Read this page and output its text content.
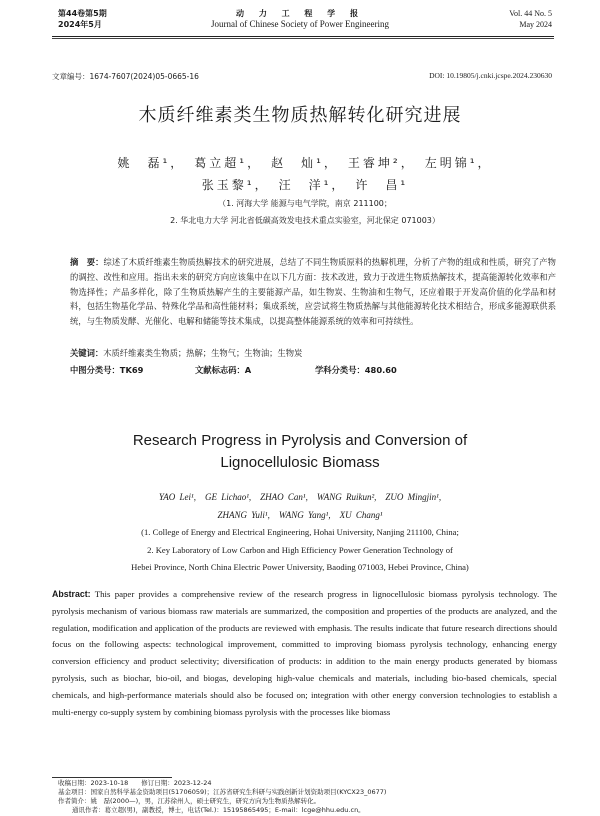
第44卷第5期
2024年5月
动 力 工 程 学 报
Journal of Chinese Society of Power Engineering
Vol. 44 No. 5
May 2024
文章编号：1674-7607(2024)05-0665-16	DOI: 10.19805/j.cnki.jcspe.2024.230630
木质纤维素类生物质热解转化研究进展
姚　磊¹，　葛立超¹，　赵　灿¹，　王睿坤²，　左明锦¹，
张玉黎¹，　汪　洋¹，　许　昌¹
（1. 河海大学 能源与电气学院，南京 211100；
2. 华北电力大学 河北省低碳高效发电技术重点实验室，河北保定 071003）
摘　要：综述了木质纤维素生物质热解技术的研究进展，总结了不同生物质原料的热解机理，分析了产物的组成和性质，研究了产物的调控、改性和应用。指出未来的研究方向应该集中在以下几方面：技术改进，致力于改进生物质热解技术，提高能源转化效率和产物选择性；产品多样化，除了生物质热解产生的主要能源产品，如生物炭、生物油和生物气，还应着眼于开发高价值的化学品和材料，包括生物基化学品、特殊化学品和高性能材料；集成系统，应尝试将生物质热解与其他能源转化技术相结合，形成多能源联供系统，与生物质发酵、光催化、电解和储能等技术集成，以提高整体能源系统的效率和可持续性。
关键词：木质纤维素类生物质；热解；生物气；生物油；生物炭
中图分类号：TK69	文献标志码：A	学科分类号：480.60
Research Progress in Pyrolysis and Conversion of
Lignocellulosic Biomass
YAO Lei¹,　GE Lichao¹,　ZHAO Can¹,　WANG Ruikun²,　ZUO Mingjin¹,
ZHANG Yuli¹,　WANG Yang¹,　XU Chang¹
(1. College of Energy and Electrical Engineering, Hohai University, Nanjing 211100, China;
2. Key Laboratory of Low Carbon and High Efficiency Power Generation Technology of
Hebei Province, North China Electric Power University, Baoding 071003, Hebei Province, China)
Abstract: This paper provides a comprehensive review of the research progress in lignocellulosic biomass pyrolysis technology. The pyrolysis mechanism of various biomass raw materials are summarized, the composition and properties of the products are analyzed, and the regulation, modification and application of the products are reviewed with emphasis. The results indicate that future research directions should focus on the following aspects: technological improvement, committed to improving biomass pyrolysis technology, enhancing energy conversion efficiency and product selectivity; diversification of products: in addition to the main energy products generated by biomass pyrolysis, such as biochar, bio-oil, and biogas, developing high-value chemicals and materials, including bio-based chemicals, special chemicals, and high-performance materials should also be focused on; integration with other energy conversion technologies to establish a multi-energy co-supply system by combining biomass pyrolysis with the processes like biomass
收稿日期：2023-10-18　　修订日期：2023-12-24
基金项目：国家自然科学基金资助项目(51706059)；江苏省研究生科研与实践创新计划资助项目(KYCX23_0677)
作者简介：姚　磊(2000—)，男，江苏徐州人，硕士研究生，研究方向为生物质热解转化。
通讯作者：葛立超(男)，副教授，博士，电话(Tel.)：15195865495；E-mail：lcge@hhu.edu.cn。
